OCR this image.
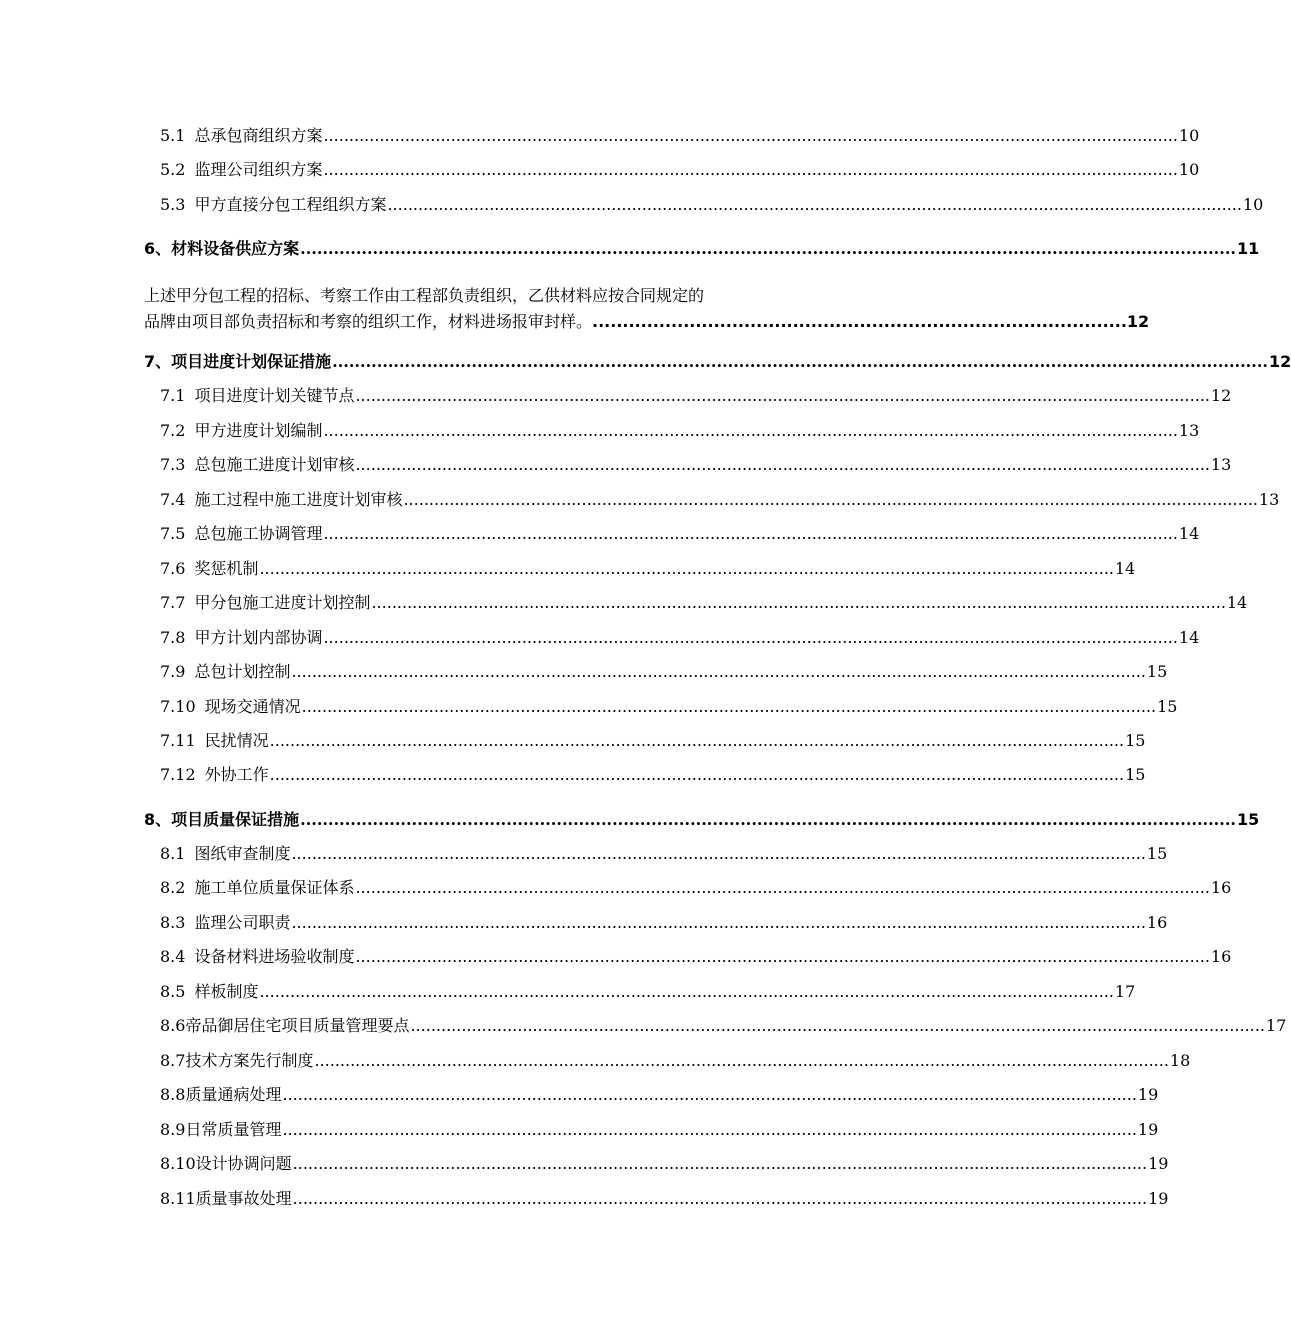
5.1 总承包商组织方案 ........................................................................................................................................................................ 10
5.2 监理公司组织方案 ........................................................................................................................................................................ 10
5.3 甲方直接分包工程组织方案 ........................................................................................................................................................................ 10
6、材料设备供应方案 ........................................................................................................................................................................ 11
上述甲分包工程的招标、考察工作由工程部负责组织，乙供材料应按合同规定的
品牌由项目部负责招标和考察的组织工作，材料进场报审封样。 ........................................................................................ 12
7、项目进度计划保证措施 ........................................................................................................................................................................ 12
7.1 项目进度计划关键节点 ........................................................................................................................................................................ 12
7.2 甲方进度计划编制 ........................................................................................................................................................................ 13
7.3 总包施工进度计划审核 ........................................................................................................................................................................ 13
7.4 施工过程中施工进度计划审核 ........................................................................................................................................................................ 13
7.5 总包施工协调管理 ........................................................................................................................................................................ 14
7.6 奖惩机制 ........................................................................................................................................................................ 14
7.7 甲分包施工进度计划控制 ........................................................................................................................................................................ 14
7.8 甲方计划内部协调 ........................................................................................................................................................................ 14
7.9 总包计划控制 ........................................................................................................................................................................ 15
7.10 现场交通情况 ........................................................................................................................................................................ 15
7.11 民扰情况 ........................................................................................................................................................................ 15
7.12 外协工作 ........................................................................................................................................................................ 15
8、项目质量保证措施 ........................................................................................................................................................................ 15
8.1 图纸审查制度 ........................................................................................................................................................................ 15
8.2 施工单位质量保证体系 ........................................................................................................................................................................ 16
8.3 监理公司职责 ........................................................................................................................................................................ 16
8.4 设备材料进场验收制度 ........................................................................................................................................................................ 16
8.5 样板制度 ........................................................................................................................................................................ 17
8.6 帝品御居住宅项目质量管理要点 ........................................................................................................................................................................ 17
8.7 技术方案先行制度 ........................................................................................................................................................................ 18
8.8 质量通病处理 ........................................................................................................................................................................ 19
8.9 日常质量管理 ........................................................................................................................................................................ 19
8.10 设计协调问题 ........................................................................................................................................................................ 19
8.11 质量事故处理 ........................................................................................................................................................................ 19
